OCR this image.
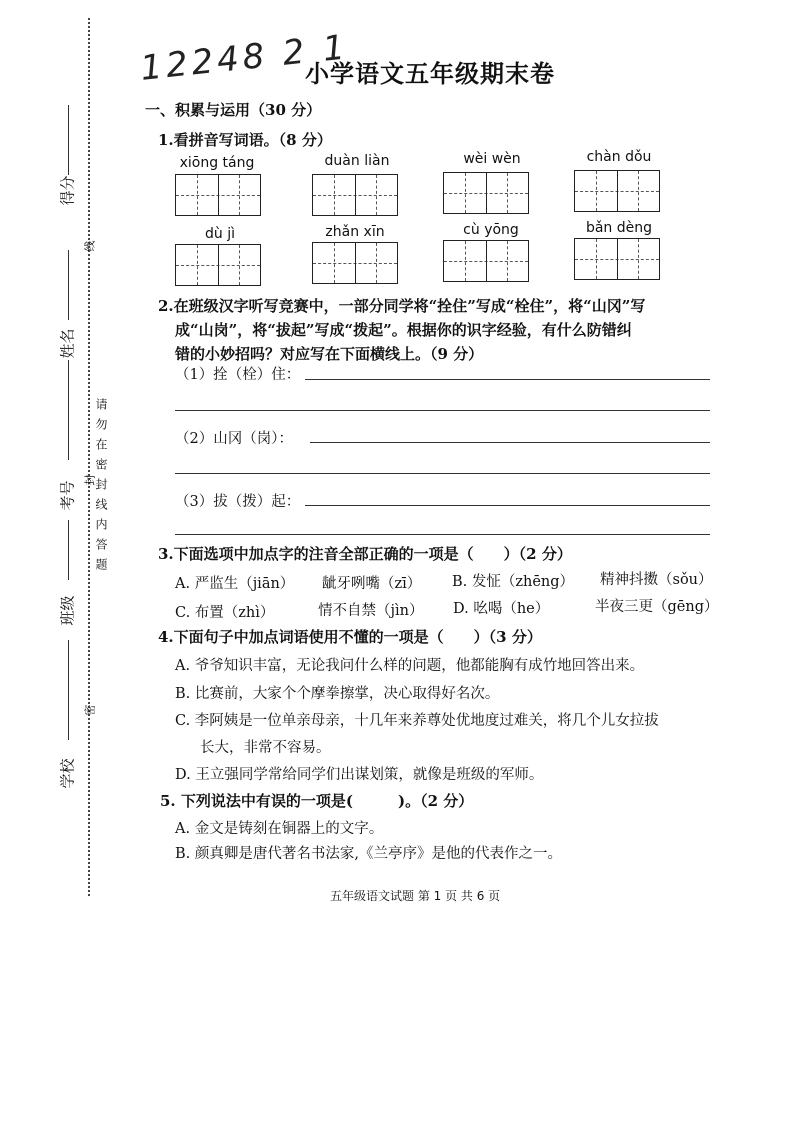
得分
线
姓名
考号
封
班级
密
学校
请勿在密封线内答题
12248 2 1
小学语文五年级期末卷
一、积累与运用（30 分）
1.看拼音写词语。（8 分）
xiōng táng	duàn liàn	wèi wèn	chàn dǒu
dù jì	zhǎn xīn	cù yōng	bǎn dèng
2.在班级汉字听写竞赛中，一部分同学将“拴住”写成“栓住”，将“山冈”写
成“山岗”，将“拔起”写成“拨起”。根据你的识字经验，有什么防错纠
错的小妙招吗？对应写在下面横线上。（9 分）
（1）拴（栓）住：
（2）山冈（岗）：
（3）拔（拨）起：
3.下面选项中加点字的注音全部正确的一项是（　　）（2 分）
A. 严监生（jiān） 龇牙咧嘴（zī） B. 发怔（zhēng） 精神抖擞（sǒu）
C. 布置（zhì）	情不自禁（jìn） D. 吆喝（he）	半夜三更（gēng）
4.下面句子中加点词语使用不懂的一项是（　　）（3 分）
A. 爷爷知识丰富，无论我问什么样的问题，他都能胸有成竹地回答出来。
B. 比赛前，大家个个摩拳擦掌，决心取得好名次。
C. 李阿姨是一位单亲母亲，十几年来养尊处优地度过难关，将几个儿女拉拔
长大，非常不容易。
D. 王立强同学常给同学们出谋划策，就像是班级的军师。
5. 下列说法中有误的一项是(　　　)。（2 分）
A. 金文是铸刻在铜器上的文字。
B. 颜真卿是唐代著名书法家,《兰亭序》是他的代表作之一。
五年级语文试题 第 1 页 共 6 页
